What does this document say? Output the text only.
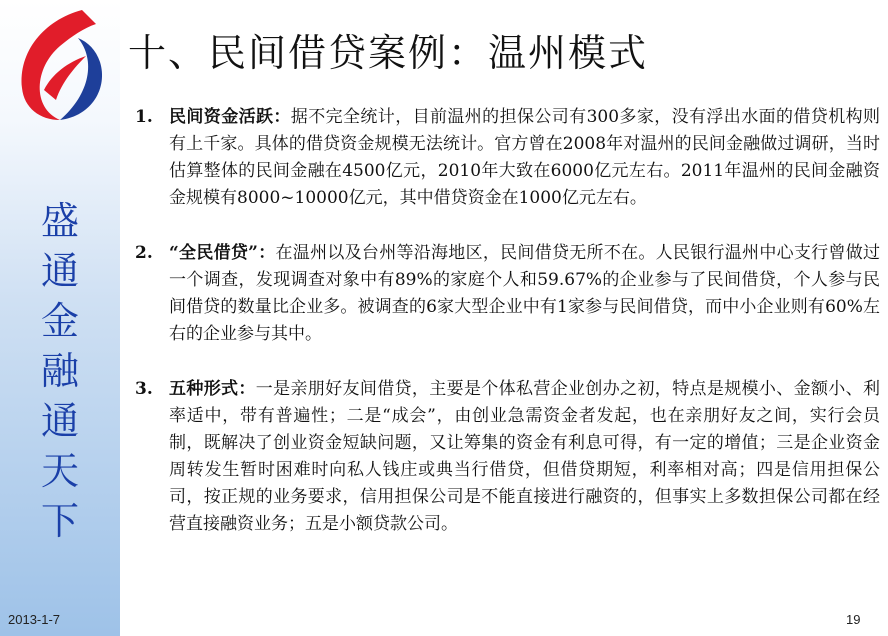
盛
通
金
融
通
天
下
2013-1-7
十、民间借贷案例：温州模式
1. 民间资金活跃：据不完全统计，目前温州的担保公司有300多家，没有浮出水面的借贷机构则有上千家。具体的借贷资金规模无法统计。官方曾在2008年对温州的民间金融做过调研，当时估算整体的民间金融在4500亿元，2010年大致在6000亿元左右。2011年温州的民间金融资金规模有8000~10000亿元，其中借贷资金在1000亿元左右。
2. “全民借贷”：在温州以及台州等沿海地区，民间借贷无所不在。人民银行温州中心支行曾做过一个调查，发现调查对象中有89%的家庭个人和59.67%的企业参与了民间借贷，个人参与民间借贷的数量比企业多。被调查的6家大型企业中有1家参与民间借贷，而中小企业则有60%左右的企业参与其中。
3. 五种形式：一是亲朋好友间借贷，主要是个体私营企业创办之初，特点是规模小、金额小、利率适中，带有普遍性；二是“成会”，由创业急需资金者发起，也在亲朋好友之间，实行会员制，既解决了创业资金短缺问题，又让筹集的资金有利息可得，有一定的增值；三是企业资金周转发生暂时困难时向私人钱庄或典当行借贷，但借贷期短，利率相对高；四是信用担保公司，按正规的业务要求，信用担保公司是不能直接进行融资的，但事实上多数担保公司都在经营直接融资业务；五是小额贷款公司。
19
